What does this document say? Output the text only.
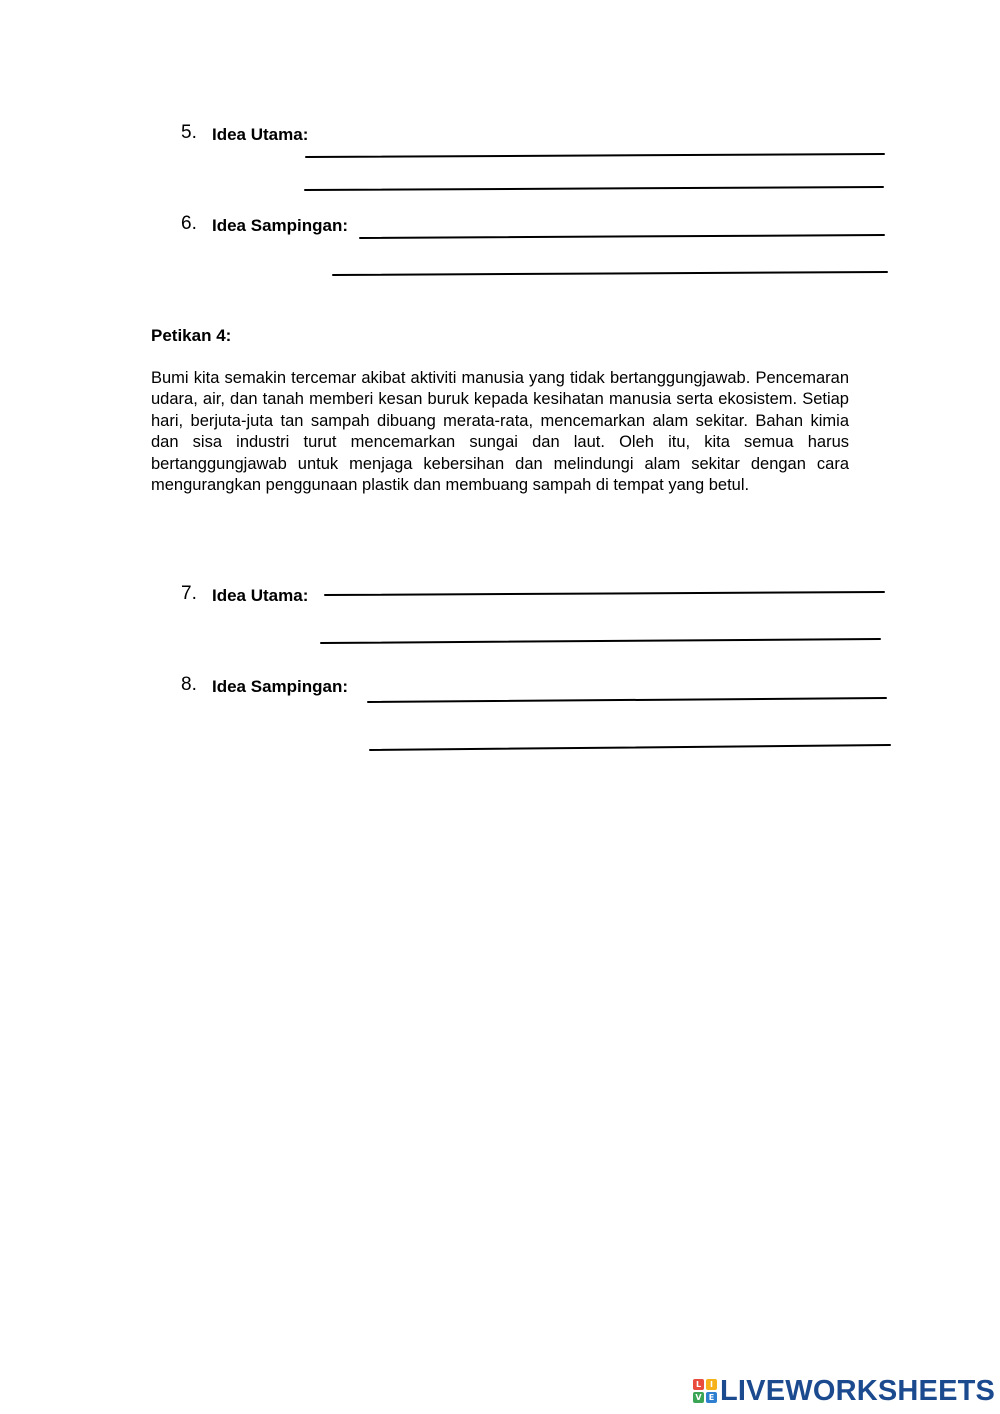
5. Idea Utama:
6. Idea Sampingan:
Petikan 4:

Bumi kita semakin tercemar akibat aktiviti manusia yang tidak bertanggungjawab. Pencemaran udara, air, dan tanah memberi kesan buruk kepada kesihatan manusia serta ekosistem. Setiap hari, berjuta-juta tan sampah dibuang merata-rata, mencemarkan alam sekitar. Bahan kimia dan sisa industri turut mencemarkan sungai dan laut. Oleh itu, kita semua harus bertanggungjawab untuk menjaga kebersihan dan melindungi alam sekitar dengan cara mengurangkan penggunaan plastik dan membuang sampah di tempat yang betul.

7. Idea Utama:
8. Idea Sampingan:
L	I
V E LIVEWORKSHEETS
